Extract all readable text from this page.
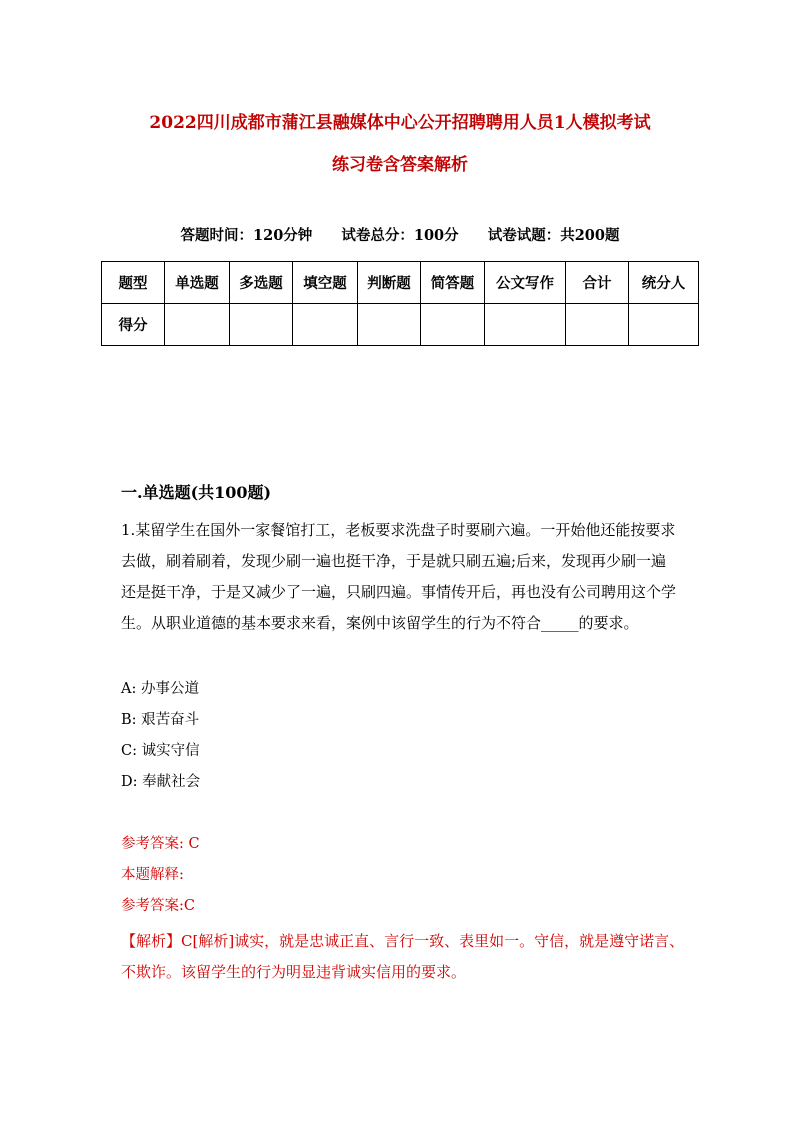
2022四川成都市蒲江县融媒体中心公开招聘聘用人员1人模拟考试
练习卷含答案解析
答题时间：120分钟 试卷总分：100分 试卷试题：共200题
题型	单选题	多选题	填空题	判断题	简答题	公文写作	合计	统分人
得分								
一.单选题(共100题)
1.某留学生在国外一家餐馆打工，老板要求洗盘子时要刷六遍。一开始他还能按要求去做，刷着刷着，发现少刷一遍也挺干净，于是就只刷五遍;后来，发现再少刷一遍还是挺干净，于是又减少了一遍，只刷四遍。事情传开后，再也没有公司聘用这个学生。从职业道德的基本要求来看，案例中该留学生的行为不符合_____的要求。
A: 办事公道
B: 艰苦奋斗
C: 诚实守信
D: 奉献社会
参考答案: C
本题解释:
参考答案:C
【解析】C[解析]诚实，就是忠诚正直、言行一致、表里如一。守信，就是遵守诺言、不欺诈。该留学生的行为明显违背诚实信用的要求。
